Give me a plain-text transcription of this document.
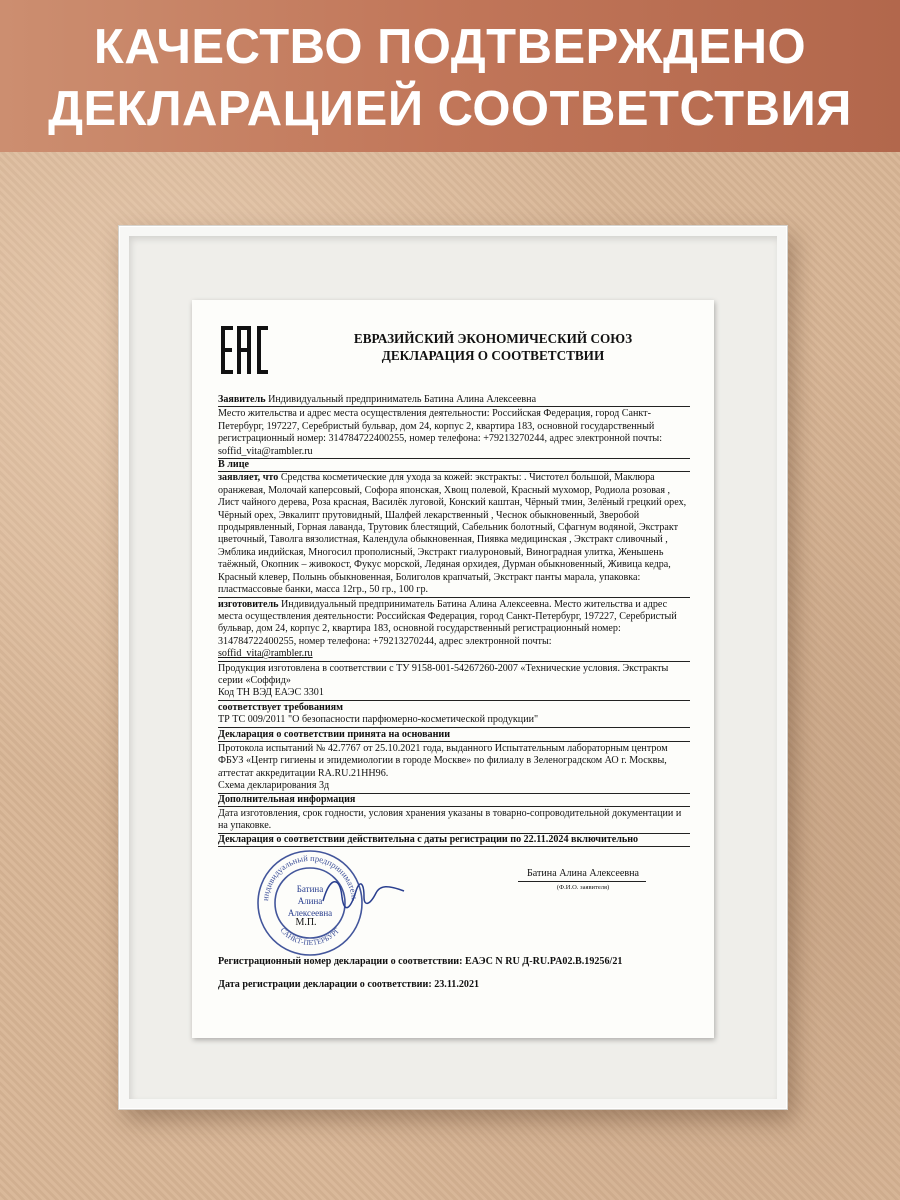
КАЧЕСТВО ПОДТВЕРЖДЕНО
ДЕКЛАРАЦИЕЙ СООТВЕТСТВИЯ
ЕВРАЗИЙСКИЙ ЭКОНОМИЧЕСКИЙ СОЮЗ
ДЕКЛАРАЦИЯ О СООТВЕТСТВИИ
Заявитель Индивидуальный предприниматель Батина Алина Алексеевна
Место жительства и адрес места осуществления деятельности: Российская Федерация, город Санкт-Петербург, 197227, Серебристый бульвар, дом 24, корпус 2, квартира 183, основной государственный регистрационный номер: 314784722400255, номер телефона: +79213270244, адрес электронной почты: soffid_vita@rambler.ru
В лице
заявляет, что Средства косметические для ухода за кожей: экстракты: . Чистотел большой, Маклюра оранжевая, Молочай каперсовый, Софора японская, Хвощ полевой, Красный мухомор, Родиола розовая , Лист чайного дерева, Роза красная, Василёк луговой, Конский каштан, Чёрный тмин, Зелёный грецкий орех, Чёрный орех, Эвкалипт прутовидный, Шалфей лекарственный , Чеснок обыкновенный, Зверобой продырявленный, Горная лаванда, Трутовик блестящий, Сабельник болотный, Сфагнум водяной, Экстракт цветочный, Таволга вязолистная, Календула обыкновенная, Пиявка медицинская , Экстракт сливочный , Эмблика индийская, Многосил прополисный, Экстракт гиалуроновый, Виноградная улитка, Женьшень таёжный, Окопник – живокост, Фукус морской, Ледяная орхидея, Дурман обыкновенный, Живица кедра, Красный клевер, Полынь обыкновенная, Болиголов крапчатый, Экстракт панты марала, упаковка: пластмассовые банки, масса 12гр., 50 гр., 100 гр.
изготовитель Индивидуальный предприниматель Батина Алина Алексеевна. Место жительства и адрес места осуществления деятельности: Российская Федерация, город Санкт-Петербург, 197227, Серебристый бульвар, дом 24, корпус 2, квартира 183, основной государственный регистрационный номер: 314784722400255, номер телефона: +79213270244, адрес электронной почты:
soffid_vita@rambler.ru
Продукция изготовлена в соответствии с ТУ 9158-001-54267260-2007 «Технические условия. Экстракты серии «Соффид»
Код ТН ВЭД ЕАЭС 3301
соответствует требованиям
ТР ТС 009/2011 "О безопасности парфюмерно-косметической продукции"
Декларация о соответствии принята на основании
Протокола испытаний № 42.7767 от 25.10.2021 года, выданного Испытательным лабораторным центром ФБУЗ «Центр гигиены и эпидемиологии в городе Москве» по филиалу в Зеленоградском АО г. Москвы, аттестат аккредитации RA.RU.21НН96.
Схема декларирования 3д
Дополнительная информация
Дата изготовления, срок годности, условия хранения указаны в товарно-сопроводительной документации и на упаковке.
Декларация о соответствии действительна с даты регистрации по 22.11.2024 включительно
индивидуальный предприниматель
САНКТ-ПЕТЕРБУРГ
Батина
Алина
Алексеевна
М.П.
Батина Алина Алексеевна
(Ф.И.О. заявителя)
Регистрационный номер декларации о соответствии: ЕАЭС N RU Д-RU.PA02.B.19256/21
Дата регистрации декларации о соответствии: 23.11.2021
